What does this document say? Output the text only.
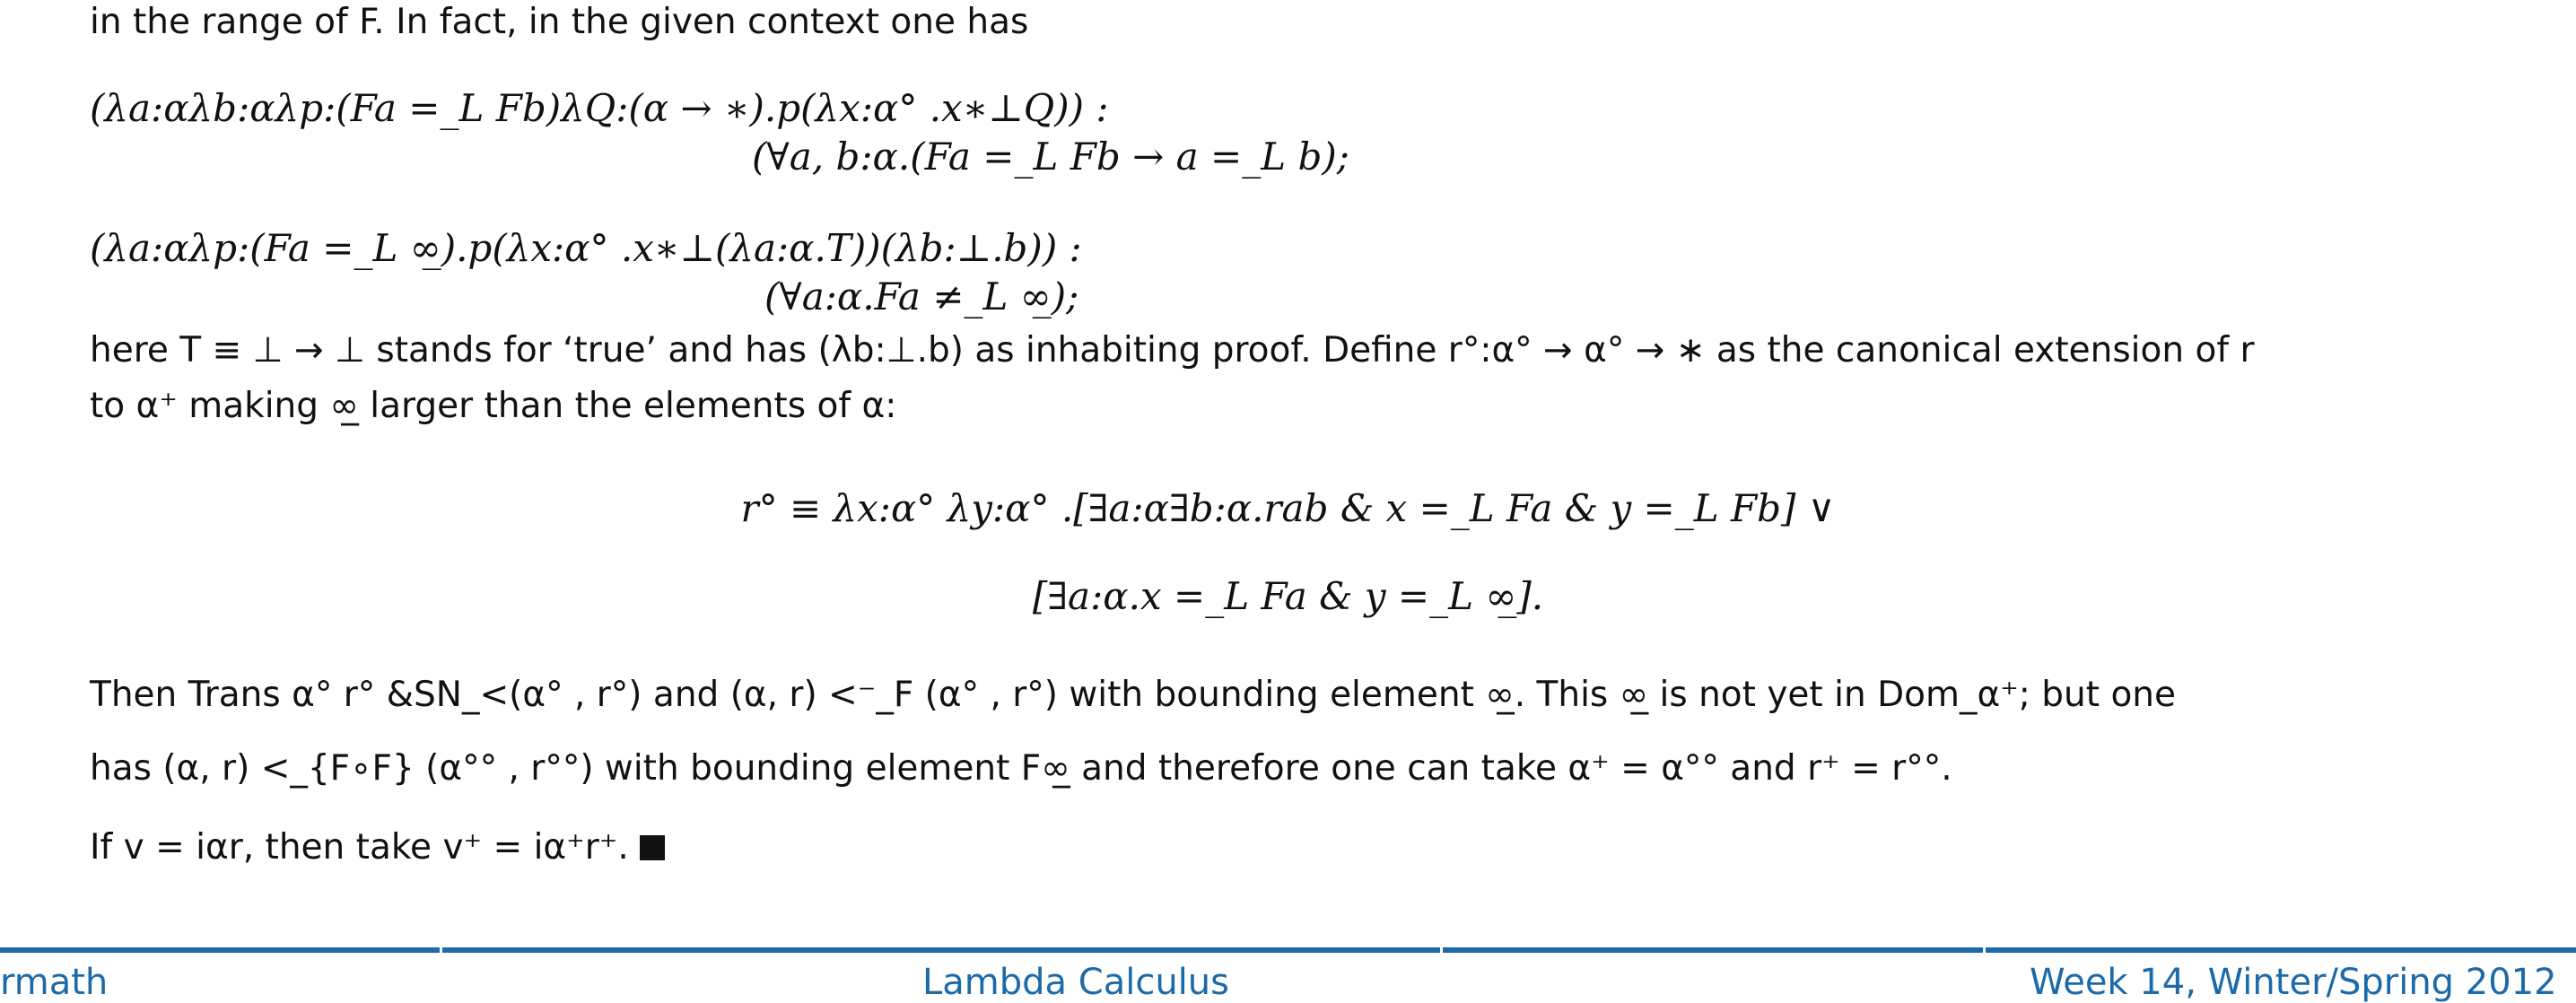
in the range of F. In fact, in the given context one has
(λa:αλb:αλp:(Fa =_L Fb)λQ:(α → ∗).p(λx:α° .x∗⊥Q)) :
(∀a, b:α.(Fa =_L Fb → a =_L b);
(λa:αλp:(Fa =_L ∞̲).p(λx:α° .x∗⊥(λa:α.T))(λb:⊥.b)) :
(∀a:α.Fa ≠_L ∞̲);
here T ≡ ⊥ → ⊥ stands for ‘true’ and has (λb:⊥.b) as inhabiting proof. Define r°:α° → α° → ∗ as the canonical extension of r
to α⁺ making ∞̲ larger than the elements of α:
r° ≡ λx:α° λy:α° .[∃a:α∃b:α.rab & x =_L Fa & y =_L Fb] ∨
[∃a:α.x =_L Fa & y =_L ∞̲].
Then Trans α° r° &SN_<(α° , r°) and (α, r) <⁻_F (α° , r°) with bounding element ∞̲. This ∞̲ is not yet in Dom_α⁺; but one
has (α, r) <_{F∘F} (α°° , r°°) with bounding element F∞̲ and therefore one can take α⁺ = α°° and r⁺ = r°°.
If v = iαr, then take v⁺ = iα⁺r⁺.
rmath	Lambda Calculus	Week 14, Winter/Spring 2012
